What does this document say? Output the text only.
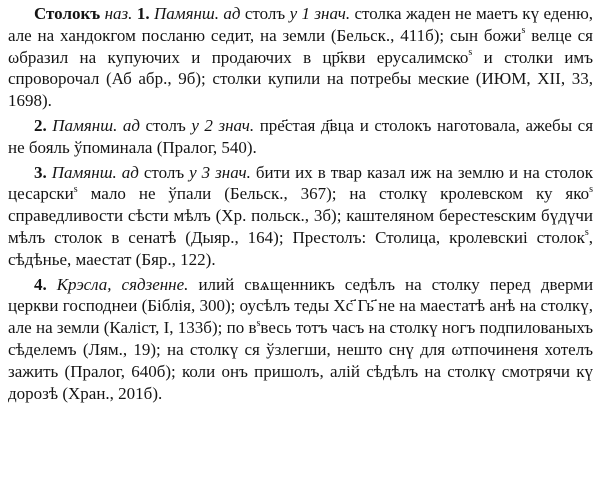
Столокъ наз. 1. Памянш. ад столъ у 1 знач. столка жаден не маетъ кү еденю, але на хандокгом посланю седит, на земли (Бельск., 411б); сын божи$^s$ велце ся ωбразил на купуючих и продаючих в цр҃кви ерусалимско$^s$ и столки имъ спроворочал (Аб абр., 9б); столки купили на потребы меские (ИЮМ, XII, 33, 1698).

2. Памянш. ад столъ у 2 знач. пре҃стая д҃вца и столокъ наготовала, ажебы ся не бояль ўпоминала (Пралог, 540).

3. Памянш. ад столъ у 3 знач. бити их в твар казал иж на землю и на столок цесарски$^s$ мало не ўпали (Бельск., 367); на столкү кролевском ку яко$^s$ справедливости сѣсти мѣлъ (Хр. польск., 3б); каштеляном берестеᵴским бүдүчи мѣлъ столок в сенатѣ (Дыяр., 164); Престолъ: Столица, кролевскиі столок$^s$, сѣдѣнье, маестат (Бяр., 122).

4. Крэсла, сядзенне. илий свѧщенникъ седѣлъ на столку перед дверми церкви господнеи (Біблія, 300); оусѣлъ теды Хс҃ Гь҃ не на маестатѣ анѣ на столкү, але на земли (Каліст, I, 133б); по $в^sвесь$ тотъ часъ на столкү ногъ подпилованыхъ сѣделемъ (Лям., 19); на столкү ся ўзлегши, нешто снү для ωтпочиненя хотелъ зажить (Пралог, 640б); коли онъ пришолъ, алій сѣдѣлъ на столкү смотрячи кү дорозѣ (Хран., 201б).
